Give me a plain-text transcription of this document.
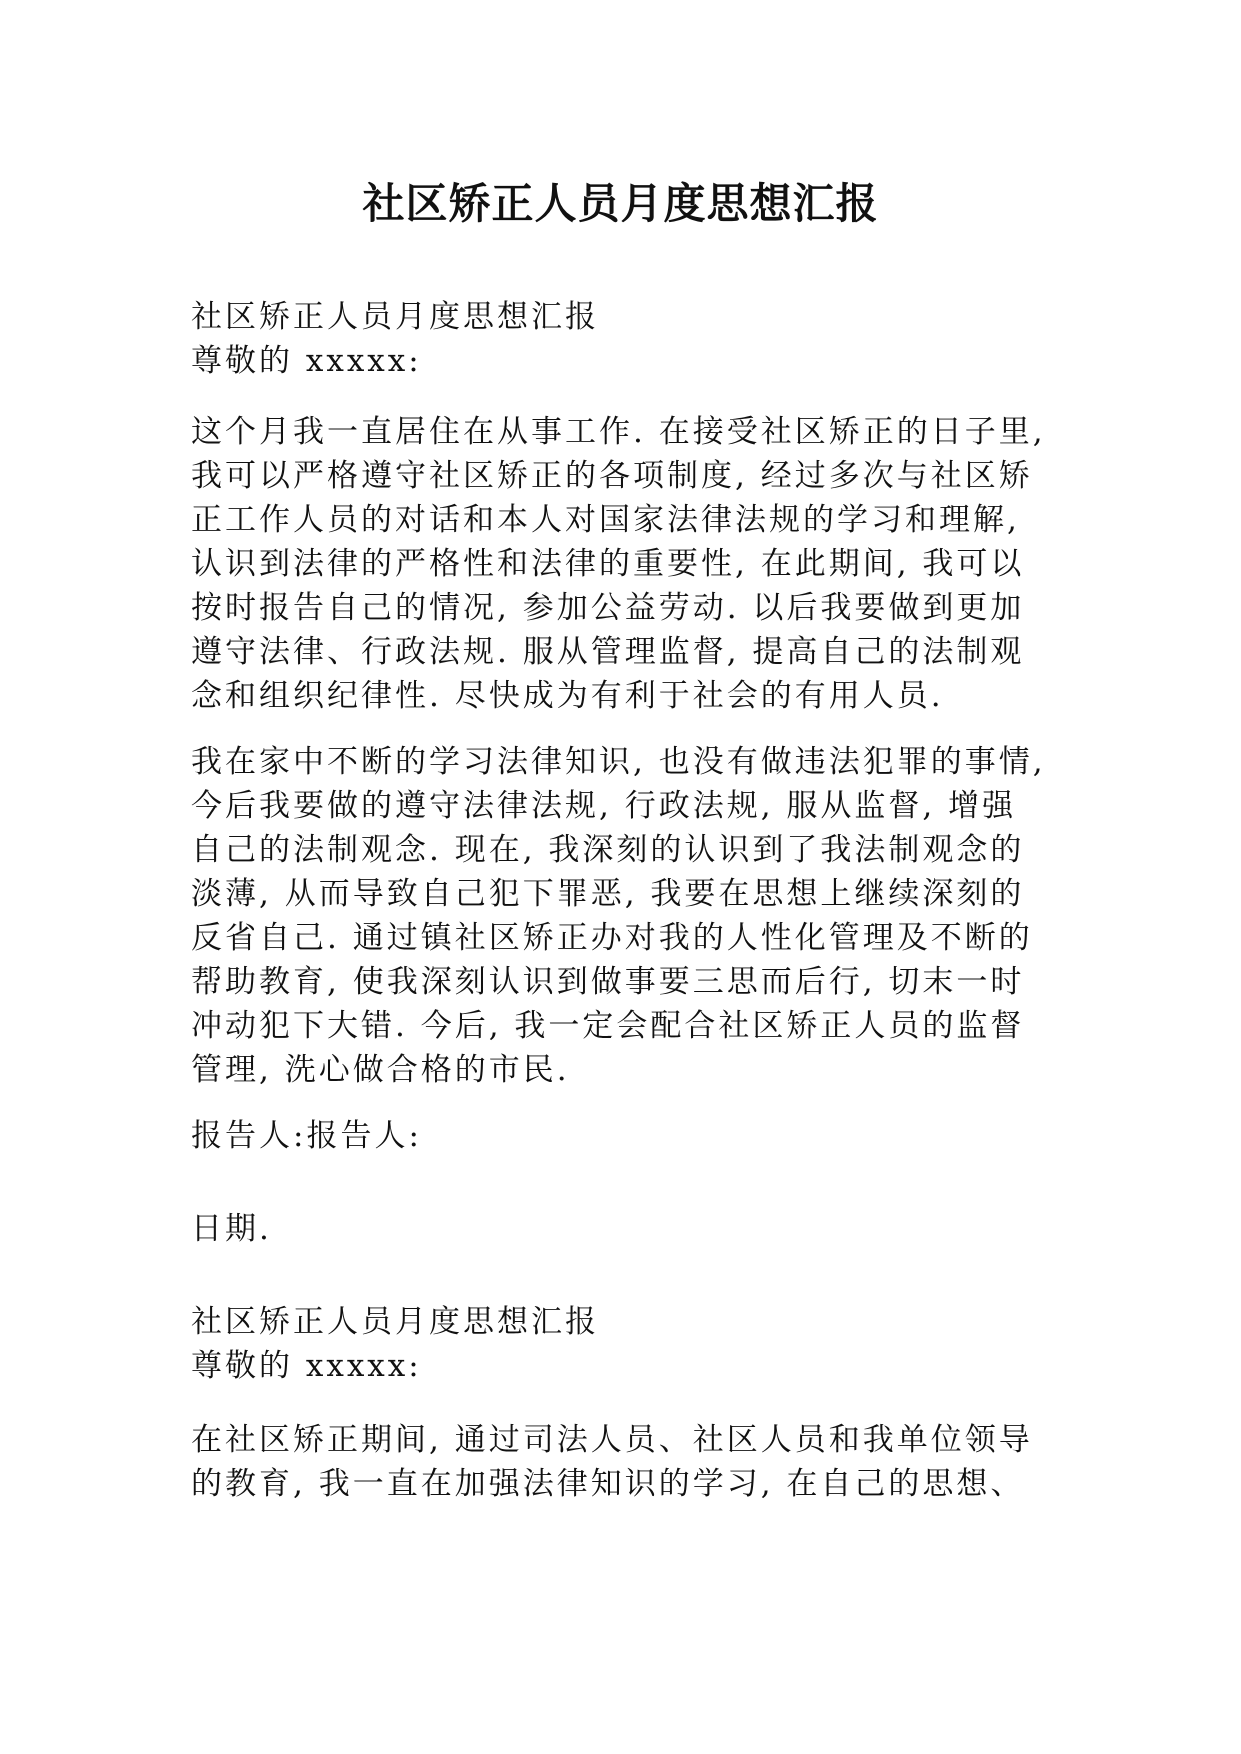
社区矫正人员月度思想汇报
社区矫正人员月度思想汇报
尊敬的 xxxxx:
这个月我一直居住在从事工作. 在接受社区矫正的日子里,
我可以严格遵守社区矫正的各项制度, 经过多次与社区矫
正工作人员的对话和本人对国家法律法规的学习和理解,
认识到法律的严格性和法律的重要性, 在此期间, 我可以
按时报告自己的情况, 参加公益劳动. 以后我要做到更加
遵守法律、行政法规. 服从管理监督, 提高自己的法制观
念和组织纪律性. 尽快成为有利于社会的有用人员.
我在家中不断的学习法律知识, 也没有做违法犯罪的事情,
今后我要做的遵守法律法规, 行政法规, 服从监督, 增强
自己的法制观念. 现在, 我深刻的认识到了我法制观念的
淡薄, 从而导致自己犯下罪恶, 我要在思想上继续深刻的
反省自己. 通过镇社区矫正办对我的人性化管理及不断的
帮助教育, 使我深刻认识到做事要三思而后行, 切末一时
冲动犯下大错. 今后, 我一定会配合社区矫正人员的监督
管理, 洗心做合格的市民.
报告人:报告人:
日期.
社区矫正人员月度思想汇报
尊敬的 xxxxx:
在社区矫正期间, 通过司法人员、社区人员和我单位领导
的教育, 我一直在加强法律知识的学习, 在自己的思想、
